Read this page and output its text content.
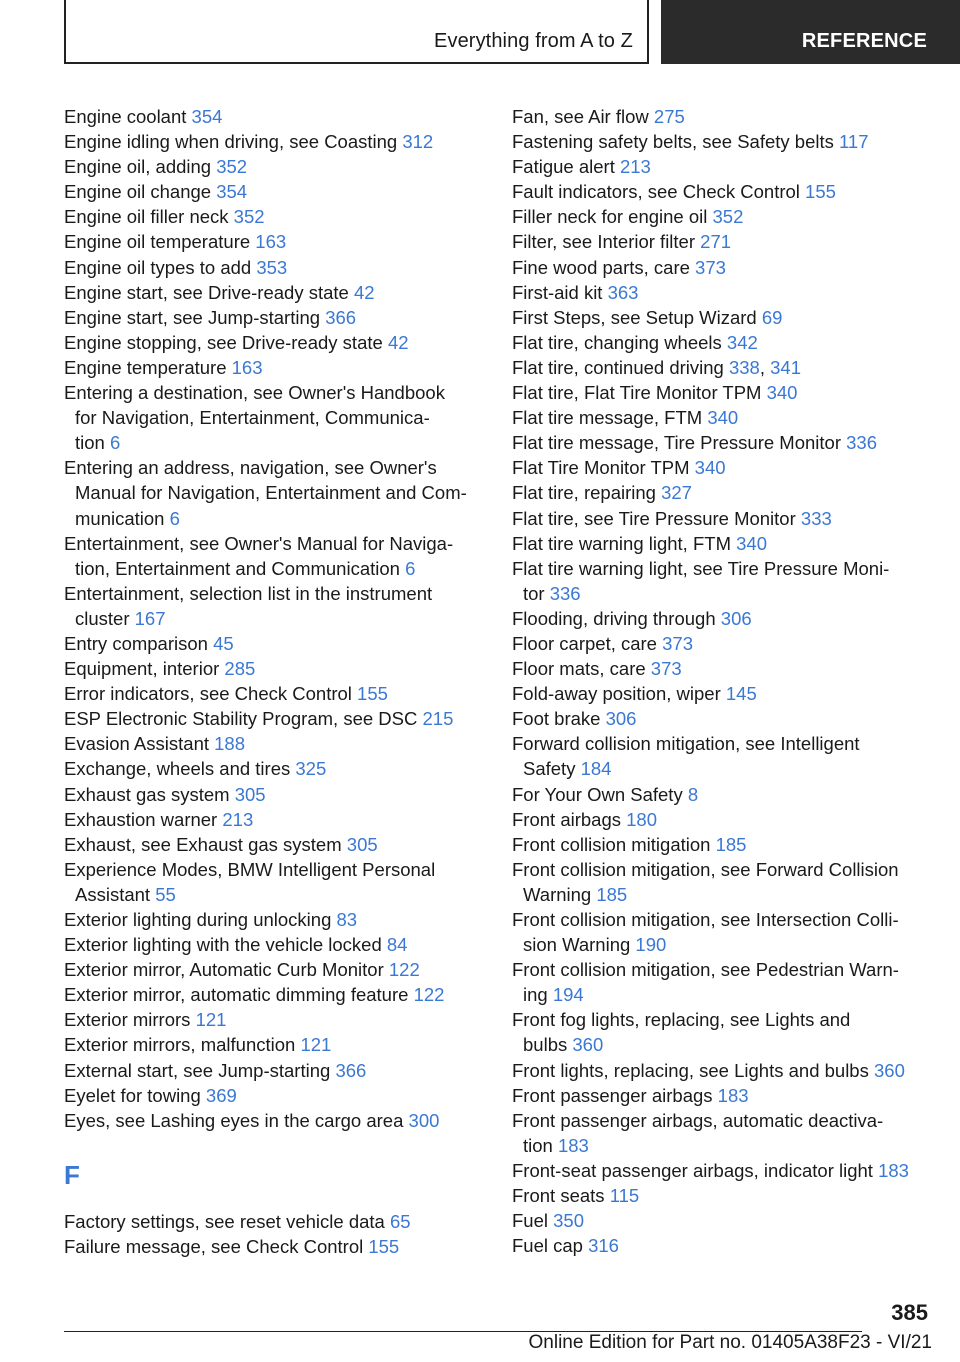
Everything from A to Z	REFERENCE
Engine coolant 354
Engine idling when driving, see Coasting 312
Engine oil, adding 352
Engine oil change 354
Engine oil filler neck 352
Engine oil temperature 163
Engine oil types to add 353
Engine start, see Drive-ready state 42
Engine start, see Jump-starting 366
Engine stopping, see Drive-ready state 42
Engine temperature 163
Entering a destination, see Owner's Handbook
for Navigation, Entertainment, Communica-
tion 6
Entering an address, navigation, see Owner's
Manual for Navigation, Entertainment and Com-
munication 6
Entertainment, see Owner's Manual for Naviga-
tion, Entertainment and Communication 6
Entertainment, selection list in the instrument
cluster 167
Entry comparison 45
Equipment, interior 285
Error indicators, see Check Control 155
ESP Electronic Stability Program, see DSC 215
Evasion Assistant 188
Exchange, wheels and tires 325
Exhaust gas system 305
Exhaustion warner 213
Exhaust, see Exhaust gas system 305
Experience Modes, BMW Intelligent Personal
Assistant 55
Exterior lighting during unlocking 83
Exterior lighting with the vehicle locked 84
Exterior mirror, Automatic Curb Monitor 122
Exterior mirror, automatic dimming feature 122
Exterior mirrors 121
Exterior mirrors, malfunction 121
External start, see Jump-starting 366
Eyelet for towing 369
Eyes, see Lashing eyes in the cargo area 300
F
Factory settings, see reset vehicle data 65
Failure message, see Check Control 155
Fan, see Air flow 275
Fastening safety belts, see Safety belts 117
Fatigue alert 213
Fault indicators, see Check Control 155
Filler neck for engine oil 352
Filter, see Interior filter 271
Fine wood parts, care 373
First-aid kit 363
First Steps, see Setup Wizard 69
Flat tire, changing wheels 342
Flat tire, continued driving 338, 341
Flat tire, Flat Tire Monitor TPM 340
Flat tire message, FTM 340
Flat tire message, Tire Pressure Monitor 336
Flat Tire Monitor TPM 340
Flat tire, repairing 327
Flat tire, see Tire Pressure Monitor 333
Flat tire warning light, FTM 340
Flat tire warning light, see Tire Pressure Moni-
tor 336
Flooding, driving through 306
Floor carpet, care 373
Floor mats, care 373
Fold-away position, wiper 145
Foot brake 306
Forward collision mitigation, see Intelligent
Safety 184
For Your Own Safety 8
Front airbags 180
Front collision mitigation 185
Front collision mitigation, see Forward Collision
Warning 185
Front collision mitigation, see Intersection Colli-
sion Warning 190
Front collision mitigation, see Pedestrian Warn-
ing 194
Front fog lights, replacing, see Lights and
bulbs 360
Front lights, replacing, see Lights and bulbs 360
Front passenger airbags 183
Front passenger airbags, automatic deactiva-
tion 183
Front-seat passenger airbags, indicator light 183
Front seats 115
Fuel 350
Fuel cap 316
385
Online Edition for Part no. 01405A38F23 - VI/21
